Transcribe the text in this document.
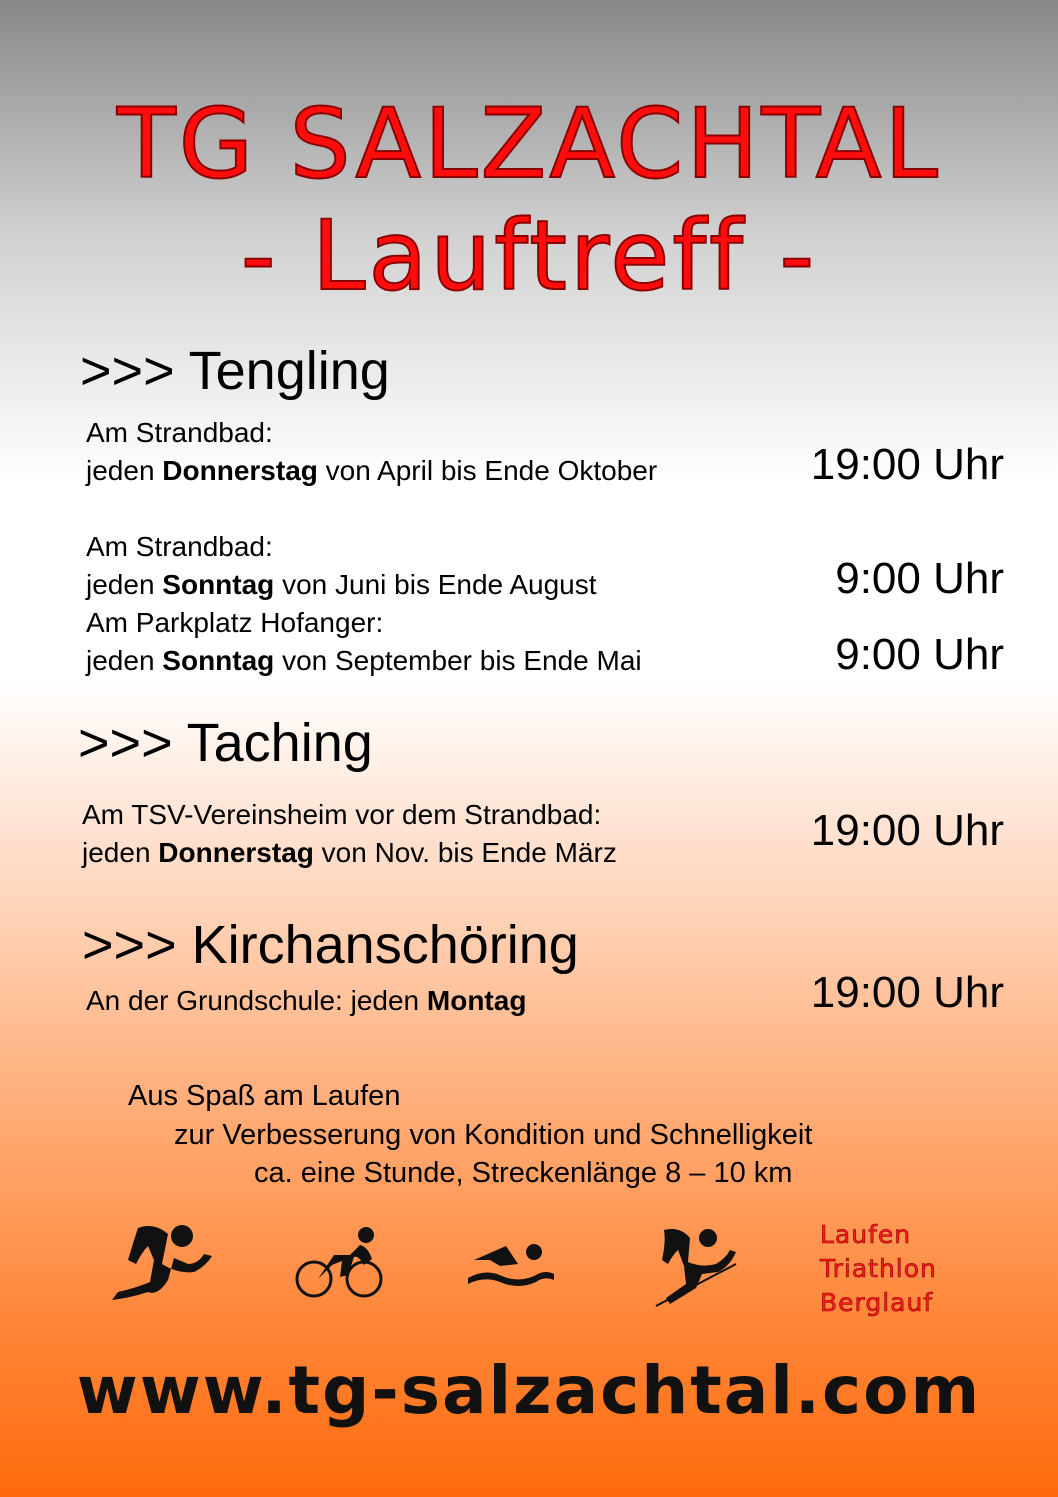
TG SALZACHTAL
- Lauftreff -
>>> Tengling
Am Strandbad:
jeden Donnerstag von April bis Ende Oktober	19:00 Uhr
Am Strandbad:
jeden Sonntag von Juni bis Ende August	9:00 Uhr
Am Parkplatz Hofanger:
jeden Sonntag von September bis Ende Mai	9:00 Uhr
>>> Taching
Am TSV-Vereinsheim vor dem Strandbad:
jeden Donnerstag von Nov. bis Ende März	19:00 Uhr
>>> Kirchanschöring
An der Grundschule: jeden Montag	19:00 Uhr
Aus Spaß am Laufen
zur Verbesserung von Kondition und Schnelligkeit
ca. eine Stunde, Streckenlänge 8 – 10 km
Laufen
Triathlon
Berglauf
www.tg-salzachtal.com
